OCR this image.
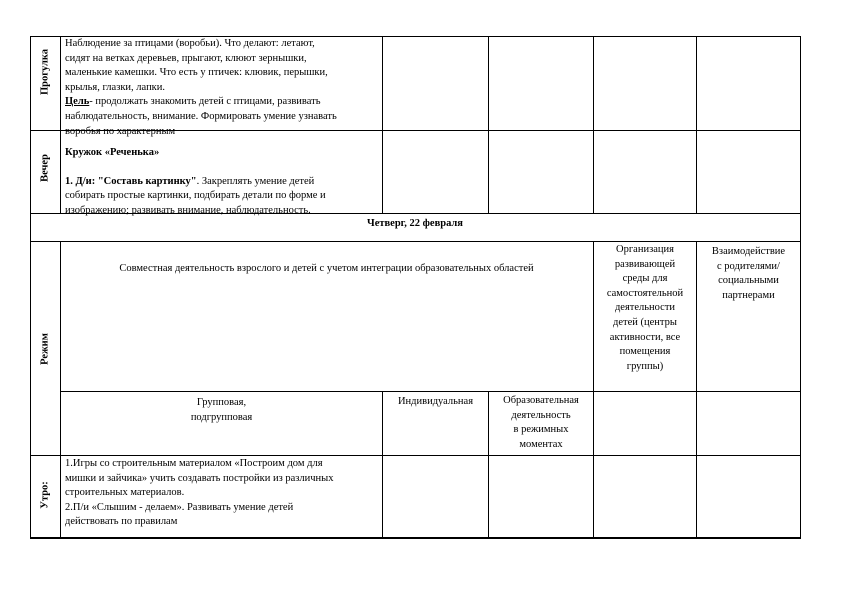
Прогулка
Наблюдение за птицами (воробьи). Что делают: летают,
сидят на ветках деревьев, прыгают, клюют зернышки,
маленькие камешки. Что есть у птичек: клювик, перышки,
крылья, глазки, лапки.
Цель- продолжать знакомить детей с птицами, развивать
наблюдательность, внимание. Формировать умение узнавать
воробья по характерным
Вечер
Кружок «Реченька»
1. Д/и: "Составь картинку". Закреплять умение детей
собирать простые картинки, подбирать детали по форме и
изображению; развивать внимание, наблюдательность.
Четверг, 22 февраля
Режим
Совместная деятельность взрослого и детей с учетом интеграции образовательных областей
Организация
развивающей
среды для
самостоятельной
деятельности
детей (центры
активности, все
помещения
группы)
Взаимодействие
с родителями/
социальными
партнерами
Групповая,
подгрупповая
Индивидуальная	Образовательная
деятельность
в режимных
моментах
Утро:
1.Игры со строительным материалом «Построим дом для
мишки и зайчика» учить создавать постройки из различных
строительных материалов.
2.П/и «Слышим - делаем». Развивать умение детей
действовать по правилам
